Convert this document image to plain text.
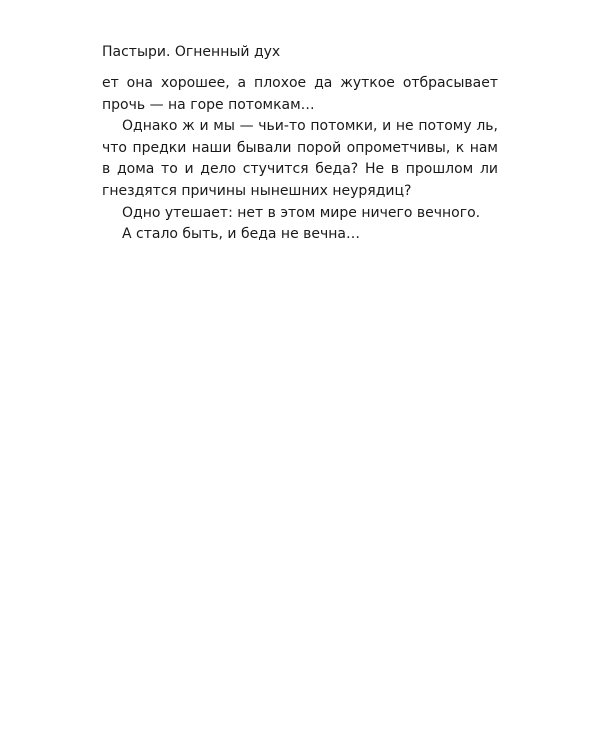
Пастыри. Огненный дух

ет она хорошее, а плохое да жуткое отбрасывает прочь — на горе потомкам…

Однако ж и мы — чьи-то потомки, и не потому ль, что предки наши бывали порой опрометчивы, к нам в дома то и дело стучится беда? Не в прошлом ли гнездятся причины нынешних неурядиц?

Одно утешает: нет в этом мире ничего вечного.

А стало быть, и беда не вечна…
